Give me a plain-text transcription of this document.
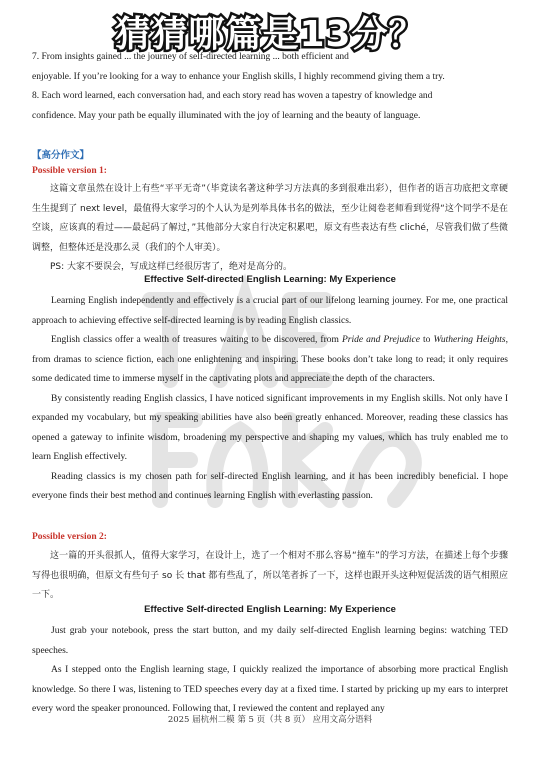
猜猜哪篇是13分？

7. From insights gained ... the journey of self-directed learning ... both efficient and

enjoyable. If you’re looking for a way to enhance your English skills, I highly recommend giving them a try.

8. Each word learned, each conversation had, and each story read has woven a tapestry of knowledge and

confidence. May your path be equally illuminated with the joy of learning and the beauty of language.

【高分作文】
Possible version 1:

这篇文章虽然在设计上有些“平平无奇”（毕竟读名著这种学习方法真的多到很难出彩），但作者的语言功底把文章硬生生提到了 next level，最值得大家学习的个人认为是列举具体书名的做法，至少让阅卷老师看到觉得“这个同学不是在空谈，应该真的看过——最起码了解过，”其他部分大家自行决定积累吧，原文有些表达有些 cliché，尽管我们做了些微调整，但整体还是没那么灵（我们的个人审美）。

PS: 大家不要误会，写成这样已经很厉害了，绝对是高分的。

Effective Self-directed English Learning: My Experience

Learning English independently and effectively is a crucial part of our lifelong learning journey. For me, one practical approach to achieving effective self-directed learning is by reading English classics.

English classics offer a wealth of treasures waiting to be discovered, from Pride and Prejudice to Wuthering Heights, from dramas to science fiction, each one enlightening and inspiring. These books don’t take long to read; it only requires some dedicated time to immerse myself in the captivating plots and appreciate the depth of the characters.

By consistently reading English classics, I have noticed significant improvements in my English skills. Not only have I expanded my vocabulary, but my speaking abilities have also been greatly enhanced. Moreover, reading these classics has opened a gateway to infinite wisdom, broadening my perspective and shaping my values, which has truly enabled me to learn English effectively.

Reading classics is my chosen path for self-directed English learning, and it has been incredibly beneficial. I hope everyone finds their best method and continues learning English with everlasting passion.

Possible version 2:

这一篇的开头很抓人，值得大家学习，在设计上，选了一个相对不那么容易“撞车”的学习方法，在描述上每个步骤写得也很明确，但原文有些句子 so 长 that 都有些乱了，所以笔者拆了一下，这样也跟开头这种短促活泼的语气相照应一下。

Effective Self-directed English Learning: My Experience

Just grab your notebook, press the start button, and my daily self-directed English learning begins: watching TED speeches.

As I stepped onto the English learning stage, I quickly realized the importance of absorbing more practical English knowledge. So there I was, listening to TED speeches every day at a fixed time. I started by pricking up my ears to interpret every word the speaker pronounced. Following that, I reviewed the content and replayed any

2025 届杭州二模 第 5 页（共 8 页） 应用文高分语料
